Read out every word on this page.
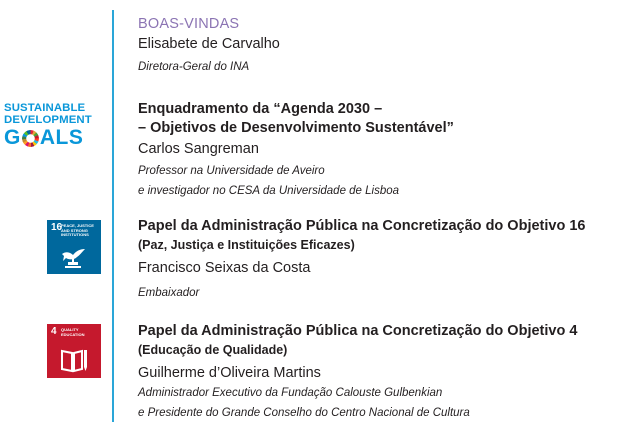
SUSTAINABLE
DEVELOPMENT
G ALS
16
PEACE, JUSTICE AND STRONG INSTITUTIONS
4 QUALITY EDUCATION
BOAS-VINDAS
Elisabete de Carvalho
Diretora-Geral do INA
Enquadramento da “Agenda 2030 –
– Objetivos de Desenvolvimento Sustentável”
Carlos Sangreman
Professor na Universidade de Aveiro
e investigador no CESA da Universidade de Lisboa
Papel da Administração Pública na Concretização do Objetivo 16
(Paz, Justiça e Instituições Eficazes)
Francisco Seixas da Costa
Embaixador
Papel da Administração Pública na Concretização do Objetivo 4
(Educação de Qualidade)
Guilherme d’Oliveira Martins
Administrador Executivo da Fundação Calouste Gulbenkian
e Presidente do Grande Conselho do Centro Nacional de Cultura
